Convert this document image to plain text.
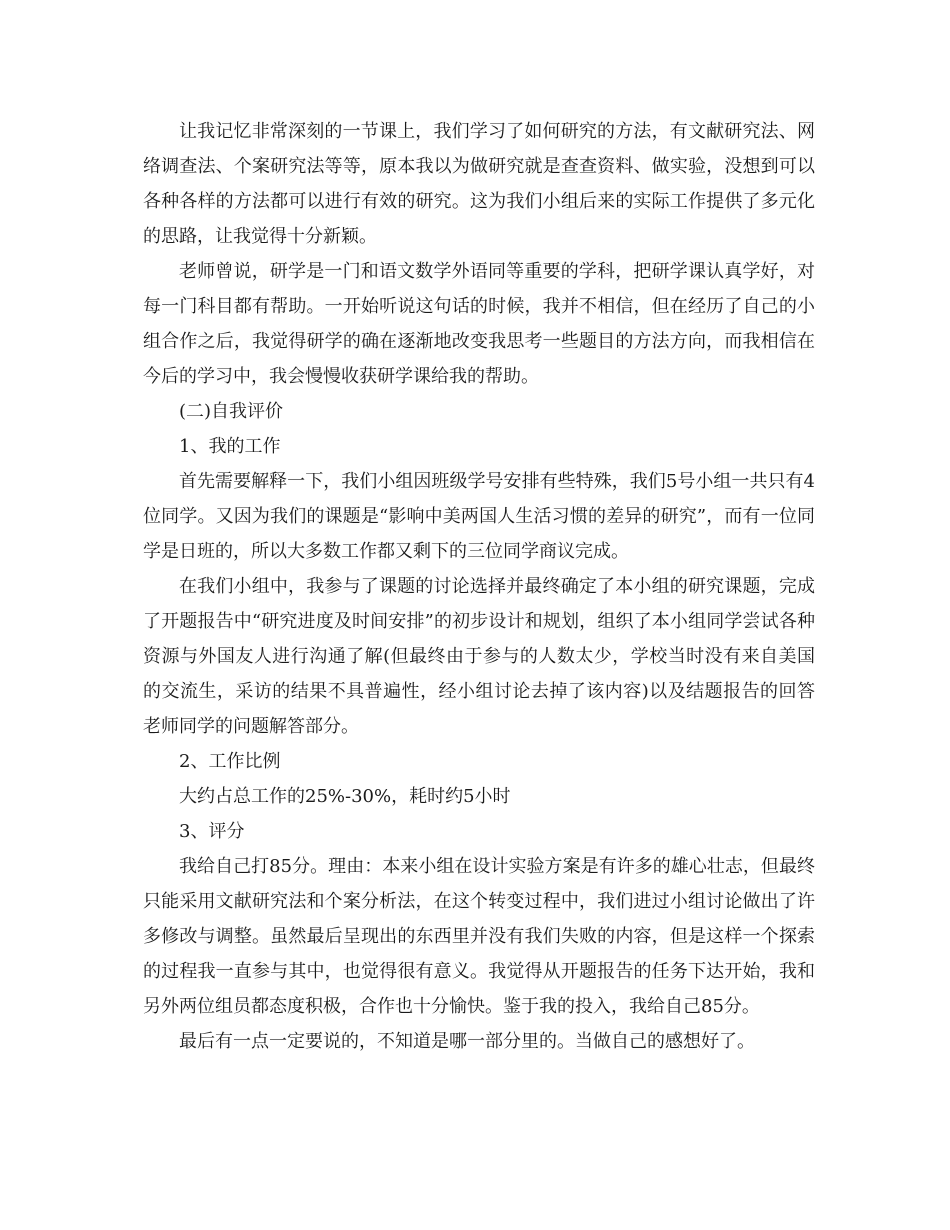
让我记忆非常深刻的一节课上，我们学习了如何研究的方法，有文献研究法、网络调查法、个案研究法等等，原本我以为做研究就是查查资料、做实验，没想到可以各种各样的方法都可以进行有效的研究。这为我们小组后来的实际工作提供了多元化的思路，让我觉得十分新颖。

老师曾说，研学是一门和语文数学外语同等重要的学科，把研学课认真学好，对每一门科目都有帮助。一开始听说这句话的时候，我并不相信，但在经历了自己的小组合作之后，我觉得研学的确在逐渐地改变我思考一些题目的方法方向，而我相信在今后的学习中，我会慢慢收获研学课给我的帮助。

(二)自我评价

1、我的工作

首先需要解释一下，我们小组因班级学号安排有些特殊，我们5号小组一共只有4位同学。又因为我们的课题是“影响中美两国人生活习惯的差异的研究”，而有一位同学是日班的，所以大多数工作都又剩下的三位同学商议完成。

在我们小组中，我参与了课题的讨论选择并最终确定了本小组的研究课题，完成了开题报告中“研究进度及时间安排”的初步设计和规划，组织了本小组同学尝试各种资源与外国友人进行沟通了解(但最终由于参与的人数太少，学校当时没有来自美国的交流生，采访的结果不具普遍性，经小组讨论去掉了该内容)以及结题报告的回答老师同学的问题解答部分。

2、工作比例

大约占总工作的25%-30%，耗时约5小时

3、评分

我给自己打85分。理由：本来小组在设计实验方案是有许多的雄心壮志，但最终只能采用文献研究法和个案分析法，在这个转变过程中，我们进过小组讨论做出了许多修改与调整。虽然最后呈现出的东西里并没有我们失败的内容，但是这样一个探索的过程我一直参与其中，也觉得很有意义。我觉得从开题报告的任务下达开始，我和另外两位组员都态度积极，合作也十分愉快。鉴于我的投入，我给自己85分。

最后有一点一定要说的，不知道是哪一部分里的。当做自己的感想好了。
